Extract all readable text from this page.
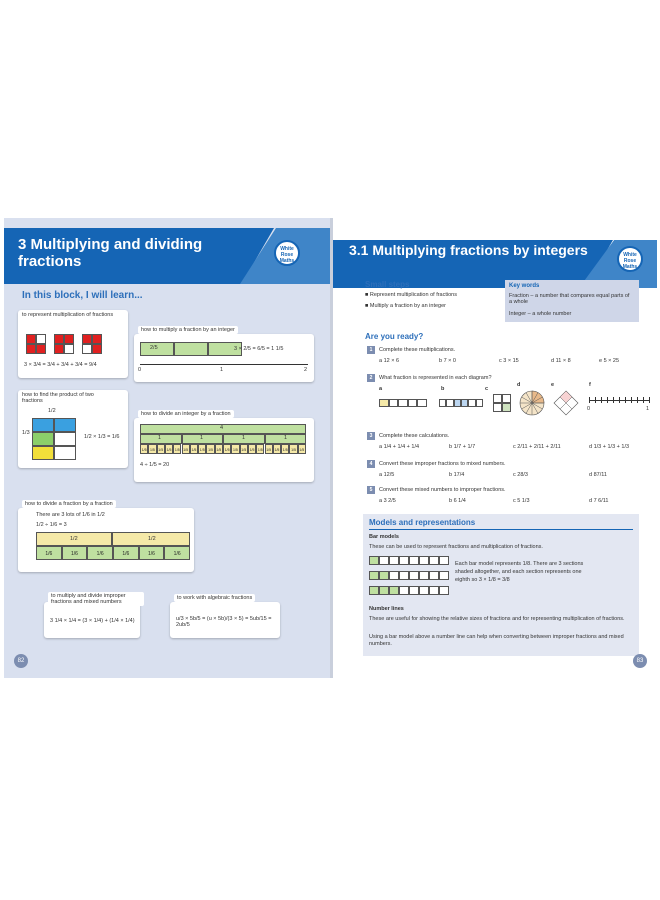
3 Multiplying and dividing fractions
White Rose Maths
In this block, I will learn...
to represent multiplication of fractions
3 × 3/4 = 3/4 + 3/4 + 3/4 = 9/4
how to multiply a fraction by an integer
2/5	3 × 2/5 = 6/5 = 1 1/5
0	1	2
how to find the product of two fractions
1/2
1/3
1/2 × 1/3 = 1/6
how to divide an integer by a fraction
4
1	1	1	1
1/5 1/5 1/5 1/5 1/5 1/5 1/5 1/5 1/5 1/5 1/5 1/5 1/5 1/5 1/5 1/5 1/5 1/5 1/5 1/5
4 ÷ 1/5 = 20
how to divide a fraction by a fraction
There are 3 lots of 1/6 in 1/2
1/2 ÷ 1/6 = 3
1/2	1/2
1/6	1/6	1/6	1/6	1/6	1/6
to multiply and divide improper fractions and mixed numbers
3 1/4 × 1/4 = (3 × 1/4) + (1/4 × 1/4)
to work with algebraic fractions
u/3 × 5b/5 = (u × 5b)/(3 × 5) = 5ub/15 = 2ub/5
82
3.1 Multiplying fractions by integers	White Rose Maths
Small steps
■ Represent multiplication of fractions
■ Multiply a fraction by an integer
Key words
Fraction – a number that compares equal parts of a whole
Integer – a whole number
Are you ready?
1	Complete these multiplications.
a 12 × 6	b 7 × 0	c 3 × 15	d 11 × 8	e 5 × 25
2	What fraction is represented in each diagram?
a	b	c
d	e	f
0	1
3	Complete these calculations.
a 1/4 + 1/4 + 1/4	b 1/7 + 1/7	c 2/11 + 2/11 + 2/11	d 1/3 + 1/3 + 1/3
4	Convert these improper fractions to mixed numbers.
a 12/5	b 17/4	c 28/3	d 87/11
5	Convert these mixed numbers to improper fractions.
a 3 2/5	b 6 1/4	c 5 1/3	d 7 6/11
Models and representations
Bar models
These can be used to represent fractions and multiplication of fractions.
Each bar model represents 1/8. There are 3 sections shaded altogether, and each section represents one eighth so 3 × 1/8 = 3/8
Number lines
These are useful for showing the relative sizes of fractions and for representing multiplication of fractions.
Using a bar model above a number line can help when converting between improper fractions and mixed numbers.
83
